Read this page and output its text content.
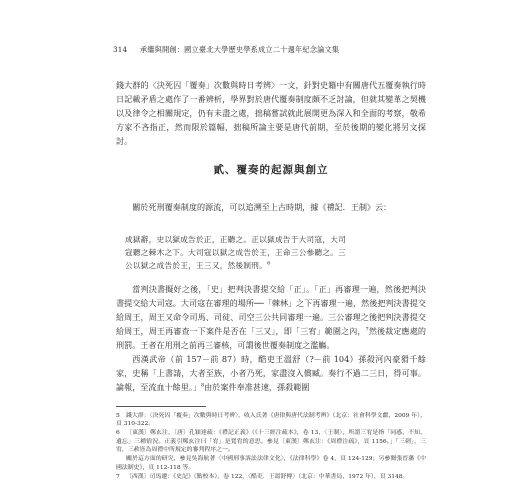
314 承繼與開創：國立臺北大學歷史學系成立二十週年紀念論文集

錢大群的〈決死囚「覆奏」次數與時日考辨〉一文，針對史籍中有關唐代五覆奏執行時日記載矛盾之處作了一番辨析，學界對於唐代覆奏制度頗不乏討論，但就其變革之契機以及律令之相關規定，仍有未盡之處，拙稿嘗試就此展開更為深入和全面的考察，敬希方家不吝指正，然而限於篇幅，拙稿所論主要是唐代前期，至於後期的變化將另文探討。

貳、覆奏的起源與創立

關於死刑覆奏制度的源流，可以追溯至上古時期，據《禮記．王制》云：

成獄辭，史以獄成告於正，正聽之。正以獄成告于大司寇，大司

寇聽之棘木之下。大司寇以獄之成告於王，王命三公參聽之。三

公以獄之成告於王，王三又，然後制刑。$^6$

當判決書擬好之後，「史」把判決書提交給「正」。「正」再審理一遍，然後把判決書提交給大司寇。大司寇在審理的場所──「棘林」之下再審理一遍，然後把判決書提交給周王，周王又命令司馬、司徒、司空三公共同審理一遍。三公審理之後把判決書提交給周王，周王再審查一下案件是否在「三又」，即「三宥」範圍之內，$^7$然後裁定應處的刑罰。王者在用刑之前再三審核，可謂後世覆奏制度之濫觴。

西漢武帝（前 157－前 87）時，酷吏王溫舒（?－前 104）孫殺河內豪猾千餘家，史稱「上書請，大者至族，小者乃死，家盡沒入償臧。奏行不過二三日，得可事。論報，至流血十餘里。」$^8$由於案件奉准甚速，孫殺範圍

5 錢大群：〈決死囚「覆奏」次數與時日考辨〉，收入氏著《唐律與唐代法制考辨》（北京：社會科學文獻，2009 年），頁 310-322。

6 〔東漢〕鄭玄注，〔唐〕孔穎達疏：《禮記正義》（《十三經注疏本》，卷 13，〈王制〉，所謂三宥是指「同惑、不知、遺忘」三種情況。正義引鄭玄注曰「宥」是寬宥的意思。參見〔東漢〕鄭玄注：《周禮注疏》，頁 1156。」「三刺」，三宥，三赦皆為周禮中所規定的審判程序之一。

關於這方面的研究，參見吳海航著〈中國刑事訴訟法律文化〉，《法律科學》卷 4，頁 124-129；另參閱張晉藩《中國法制史》，頁 112-118 等。

7 〔西漢〕司馬遷：《史記》（點校本），卷 122，〈酷吏．王溫舒傳〉（北京：中華書局，1972 年），頁 3148。
